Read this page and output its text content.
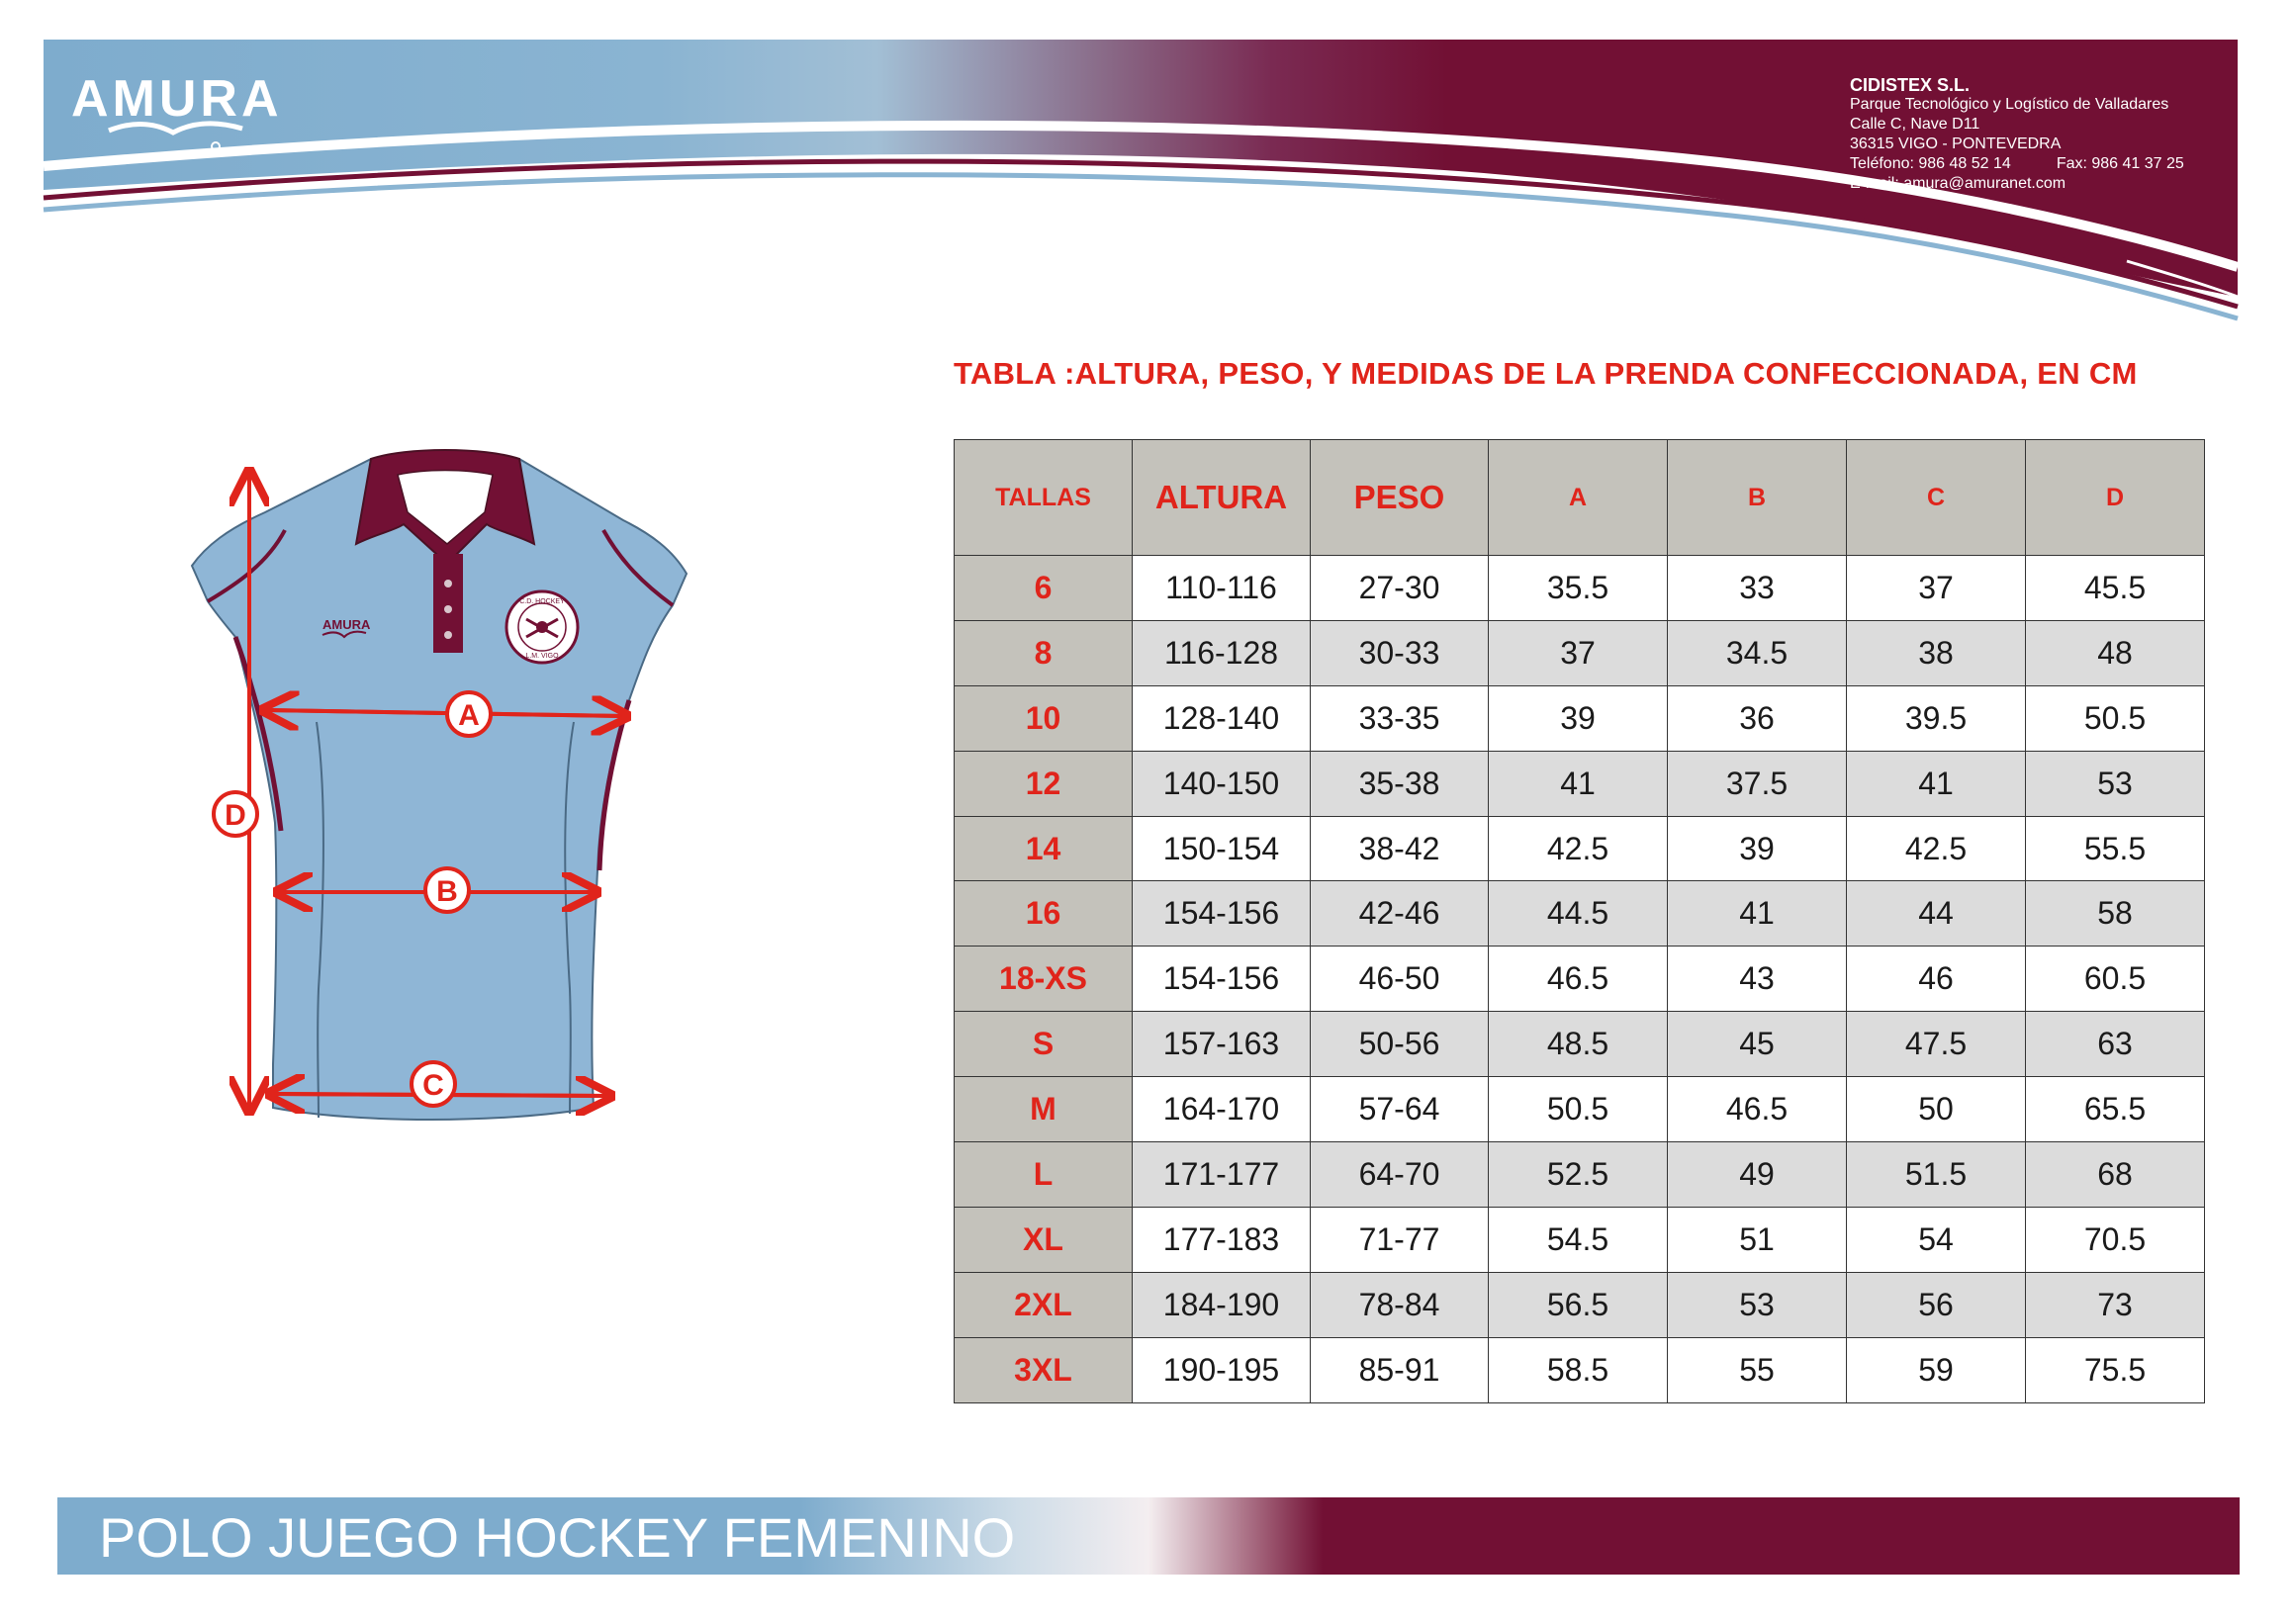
AMURA	CIDISTEX S.L.
Parque Tecnológico y Logístico de Valladares
Calle C, Nave D11
36315 VIGO - PONTEVEDRA
Teléfono: 986 48 52 14	Fax: 986 41 37 25
E-mail: amura@amuranet.com
TABLA :ALTURA, PESO, Y MEDIDAS DE LA PRENDA CONFECCIONADA, EN CM
TALLAS	ALTURA	PESO	A	B	C	D
6	110-116	27-30	35.5	33	37	45.5
8	116-128	30-33	37	34.5	38	48
10	128-140	33-35	39	36	39.5	50.5
12	140-150	35-38	41	37.5	41	53
14	150-154	38-42	42.5	39	42.5	55.5
16	154-156	42-46	44.5	41	44	58
18-XS	154-156	46-50	46.5	43	46	60.5
S	157-163	50-56	48.5	45	47.5	63
M	164-170	57-64	50.5	46.5	50	65.5
L	171-177	64-70	52.5	49	51.5	68
XL	177-183	71-77	54.5	51	54	70.5
2XL	184-190	78-84	56.5	53	56	73
3XL	190-195	85-91	58.5	55	59	75.5
AMURA
C.D. HOCKEY
L.M. VIGO
D
A
B
C
POLO JUEGO HOCKEY FEMENINO
